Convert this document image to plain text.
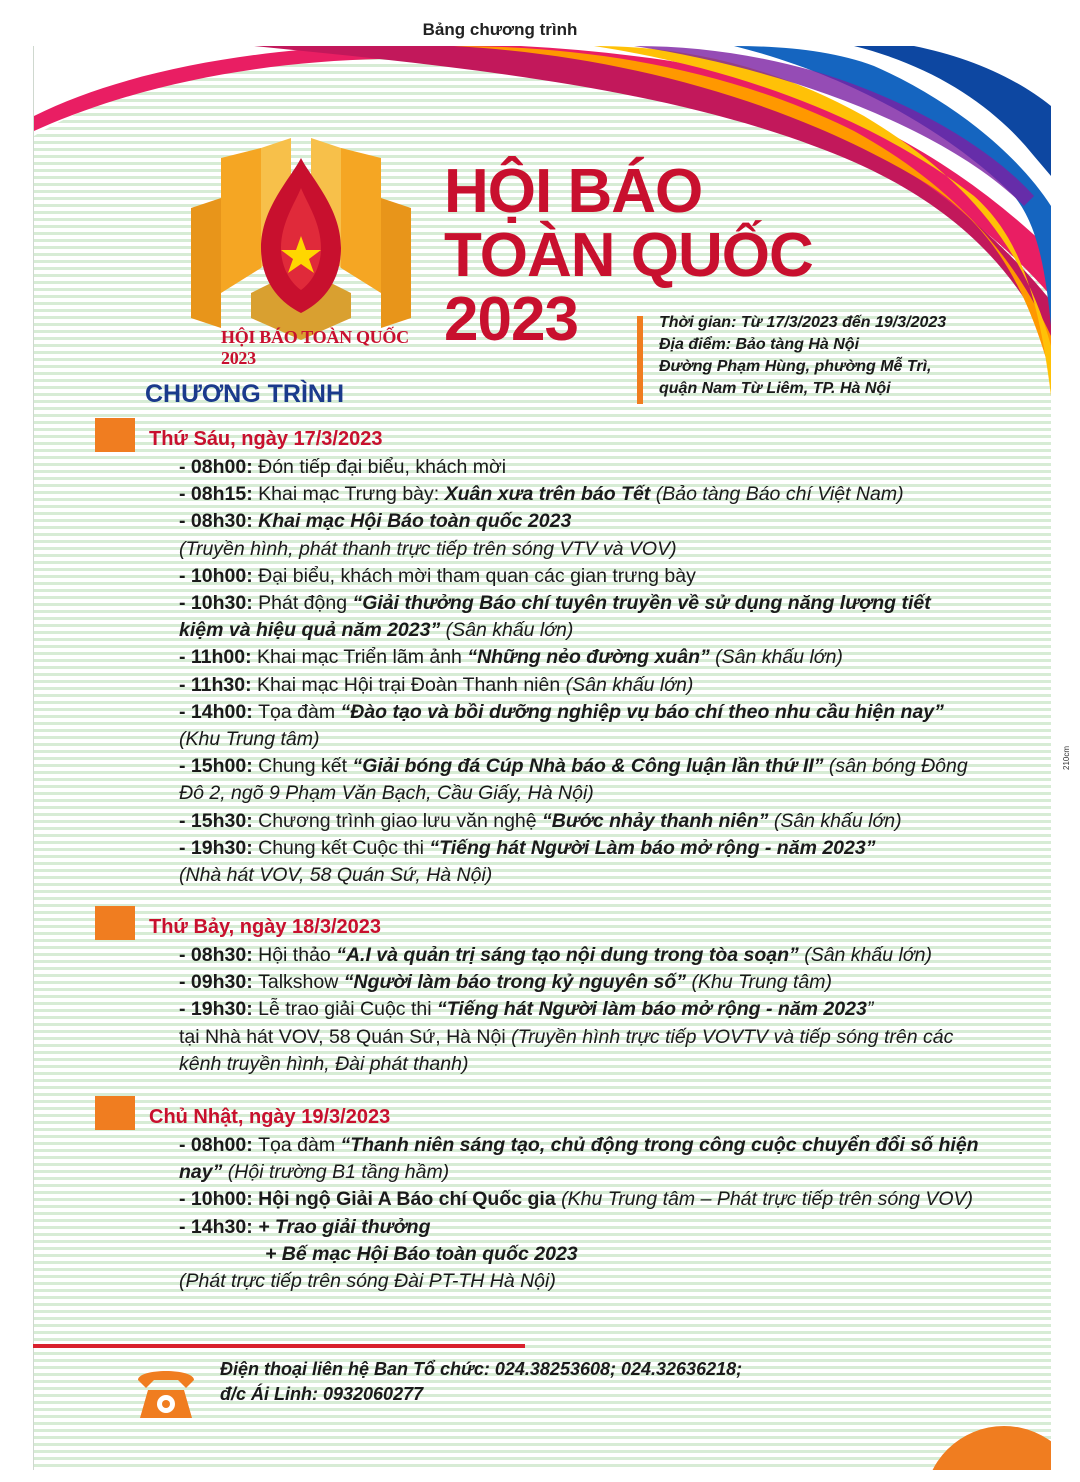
Bảng chương trình
HỘI BÁO TOÀN QUỐC 2023
HỘI BÁO
TOÀN QUỐC
2023	Thời gian: Từ 17/3/2023 đến 19/3/2023
Địa điểm: Bảo tàng Hà Nội
Đường Phạm Hùng, phường Mễ Trì,
quận Nam Từ Liêm, TP. Hà Nội
CHƯƠNG TRÌNH
Thứ Sáu, ngày 17/3/2023
- 08h00: Đón tiếp đại biểu, khách mời
- 08h15: Khai mạc Trưng bày: Xuân xưa trên báo Tết (Bảo tàng Báo chí Việt Nam)
- 08h30: Khai mạc Hội Báo toàn quốc 2023
(Truyền hình, phát thanh trực tiếp trên sóng VTV và VOV)
- 10h00: Đại biểu, khách mời tham quan các gian trưng bày
- 10h30: Phát động “Giải thưởng Báo chí tuyên truyền về sử dụng năng lượng tiết kiệm và hiệu quả năm 2023” (Sân khấu lớn)
- 11h00: Khai mạc Triển lãm ảnh “Những nẻo đường xuân” (Sân khấu lớn)
- 11h30: Khai mạc Hội trại Đoàn Thanh niên (Sân khấu lớn)
- 14h00: Tọa đàm “Đào tạo và bồi dưỡng nghiệp vụ báo chí theo nhu cầu hiện nay” (Khu Trung tâm)
- 15h00: Chung kết “Giải bóng đá Cúp Nhà báo & Công luận lần thứ II” (sân bóng Đông Đô 2, ngõ 9 Phạm Văn Bạch, Cầu Giấy, Hà Nội)
- 15h30: Chương trình giao lưu văn nghệ “Bước nhảy thanh niên” (Sân khấu lớn)
- 19h30: Chung kết Cuộc thi “Tiếng hát Người Làm báo mở rộng - năm 2023”
(Nhà hát VOV, 58 Quán Sứ, Hà Nội)
Thứ Bảy, ngày 18/3/2023
- 08h30: Hội thảo “A.I và quản trị sáng tạo nội dung trong tòa soạn” (Sân khấu lớn)
- 09h30: Talkshow “Người làm báo trong kỷ nguyên số” (Khu Trung tâm)
- 19h30: Lễ trao giải Cuộc thi “Tiếng hát Người làm báo mở rộng - năm 2023”
tại Nhà hát VOV, 58 Quán Sứ, Hà Nội (Truyền hình trực tiếp VOVTV và tiếp sóng trên các kênh truyền hình, Đài phát thanh)
Chủ Nhật, ngày 19/3/2023
- 08h00: Tọa đàm “Thanh niên sáng tạo, chủ động trong công cuộc chuyển đổi số hiện nay” (Hội trường B1 tầng hầm)
- 10h00: Hội ngộ Giải A Báo chí Quốc gia (Khu Trung tâm – Phát trực tiếp trên sóng VOV)
- 14h30: + Trao giải thưởng
+ Bế mạc Hội Báo toàn quốc 2023
(Phát trực tiếp trên sóng Đài PT-TH Hà Nội)
Điện thoại liên hệ Ban Tổ chức: 024.38253608; 024.32636218;
đ/c Ái Linh: 0932060277
210cm
